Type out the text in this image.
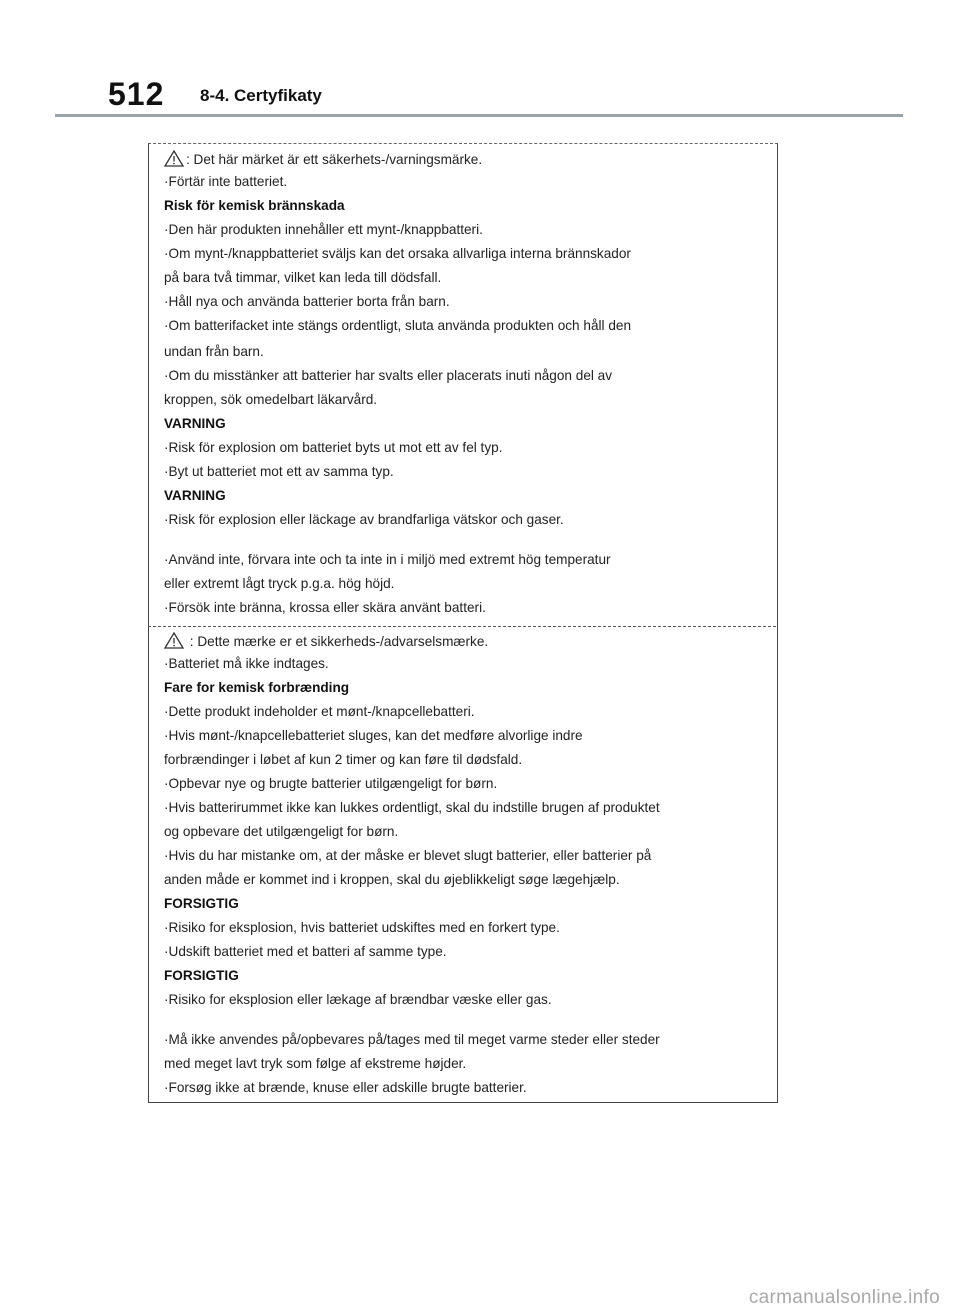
512 8-4. Certyfikaty
: Det här märket är ett säkerhets-/varningsmärke.
·Förtär inte batteriet.
Risk för kemisk brännskada
·Den här produkten innehåller ett mynt-/knappbatteri.
·Om mynt-/knappbatteriet sväljs kan det orsaka allvarliga interna brännskador
på bara två timmar, vilket kan leda till dödsfall.
·Håll nya och använda batterier borta från barn.
·Om batterifacket inte stängs ordentligt, sluta använda produkten och håll den
undan från barn.
·Om du misstänker att batterier har svalts eller placerats inuti någon del av
kroppen, sök omedelbart läkarvård.
VARNING
·Risk för explosion om batteriet byts ut mot ett av fel typ.
·Byt ut batteriet mot ett av samma typ.
VARNING
·Risk för explosion eller läckage av brandfarliga vätskor och gaser.
·Använd inte, förvara inte och ta inte in i miljö med extremt hög temperatur
eller extremt lågt tryck p.g.a. hög höjd.
·Försök inte bränna, krossa eller skära använt batteri.
: Dette mærke er et sikkerheds-/advarselsmærke.
·Batteriet må ikke indtages.
Fare for kemisk forbrænding
·Dette produkt indeholder et mønt-/knapcellebatteri.
·Hvis mønt-/knapcellebatteriet sluges, kan det medføre alvorlige indre
forbrændinger i løbet af kun 2 timer og kan føre til dødsfald.
·Opbevar nye og brugte batterier utilgængeligt for børn.
·Hvis batterirummet ikke kan lukkes ordentligt, skal du indstille brugen af produktet
og opbevare det utilgængeligt for børn.
·Hvis du har mistanke om, at der måske er blevet slugt batterier, eller batterier på
anden måde er kommet ind i kroppen, skal du øjeblikkeligt søge lægehjælp.
FORSIGTIG
·Risiko for eksplosion, hvis batteriet udskiftes med en forkert type.
·Udskift batteriet med et batteri af samme type.
FORSIGTIG
·Risiko for eksplosion eller lækage af brændbar væske eller gas.
·Må ikke anvendes på/opbevares på/tages med til meget varme steder eller steder
med meget lavt tryk som følge af ekstreme højder.
·Forsøg ikke at brænde, knuse eller adskille brugte batterier.
carmanualsonline.info
